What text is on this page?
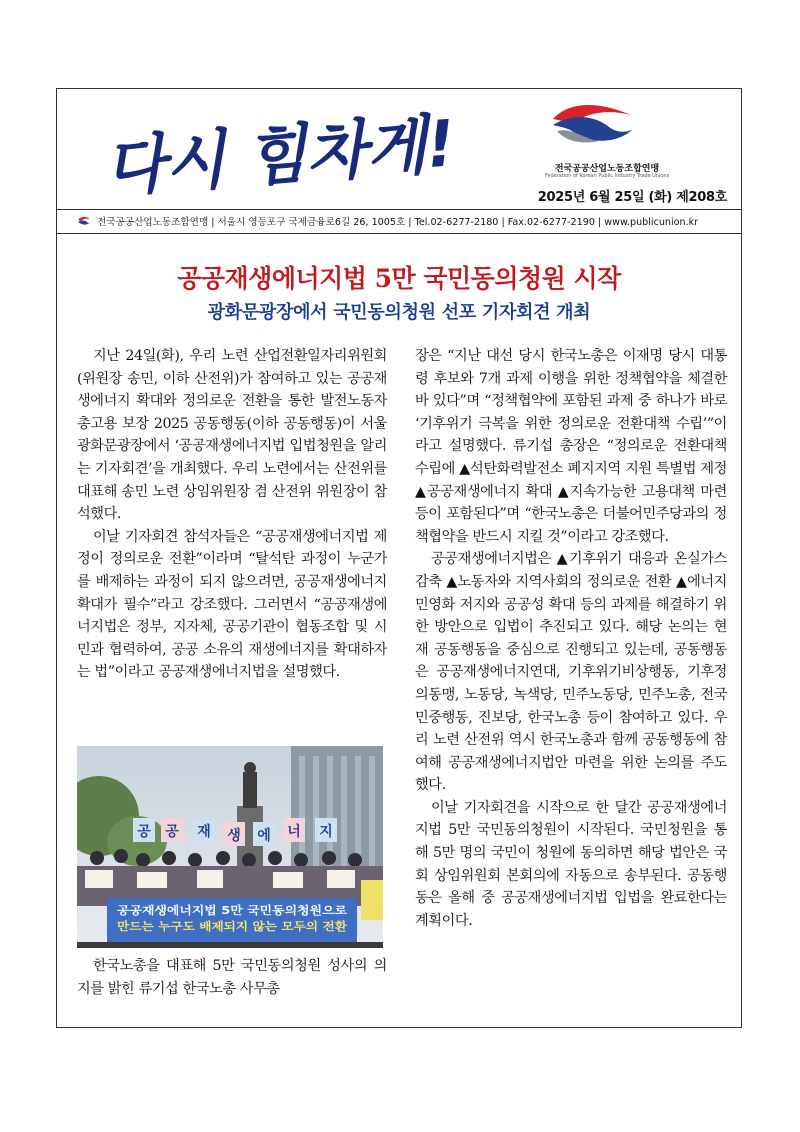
다시 힘차게!	전국공공산업노동조합연맹
Federation of Korean Public Industry Trade Unions
2025년 6월 25일 (화) 제208호
전국공공산업노동조합연맹 | 서울시 영등포구 국제금융로6길 26, 1005호 | Tel.02-6277-2180 | Fax.02-6277-2190 | www.publicunion.kr
공공재생에너지법 5만 국민동의청원 시작
광화문광장에서 국민동의청원 선포 기자회견 개최

지난 24일(화), 우리 노련 산업전환일자리위원회(위원장 송민, 이하 산전위)가 참여하고 있는 공공재생에너지 확대와 정의로운 전환을 통한 발전노동자 총고용 보장 2025 공동행동(이하 공동행동)이 서울 광화문광장에서 ‘공공재생에너지법 입법청원을 알리는 기자회견’을 개최했다. 우리 노련에서는 산전위를 대표해 송민 노련 상임위원장 겸 산전위 위원장이 참석했다.

이날 기자회견 참석자들은 “공공재생에너지법 제정이 정의로운 전환”이라며 “탈석탄 과정이 누군가를 배제하는 과정이 되지 않으려면, 공공재생에너지 확대가 필수”라고 강조했다. 그러면서 “공공재생에너지법은 정부, 지자체, 공공기관이 협동조합 및 시민과 협력하여, 공공 소유의 재생에너지를 확대하자는 법”이라고 공공재생에너지법을 설명했다.

공 공 재 생 에 너 지
공공재생에너지법 5만 국민동의청원으로
만드는 누구도 배제되지 않는 모두의 전환
한국노총을 대표해 5만 국민동의청원 성사의 의지를 밝힌 류기섭 한국노총 사무총

장은 “지난 대선 당시 한국노총은 이재명 당시 대통령 후보와 7개 과제 이행을 위한 정책협약을 체결한 바 있다”며 “정책협약에 포함된 과제 중 하나가 바로 ‘기후위기 극복을 위한 정의로운 전환대책 수립’”이라고 설명했다. 류기섭 총장은 “정의로운 전환대책 수립에 ▲석탄화력발전소 폐지지역 지원 특별법 제정 ▲공공재생에너지 확대 ▲지속가능한 고용대책 마련 등이 포함된다”며 “한국노총은 더불어민주당과의 정책협약을 반드시 지킬 것”이라고 강조했다.

공공재생에너지법은 ▲기후위기 대응과 온실가스 감축 ▲노동자와 지역사회의 정의로운 전환 ▲에너지 민영화 저지와 공공성 확대 등의 과제를 해결하기 위한 방안으로 입법이 추진되고 있다. 해당 논의는 현재 공동행동을 중심으로 진행되고 있는데, 공동행동은 공공재생에너지연대, 기후위기비상행동, 기후정의동맹, 노동당, 녹색당, 민주노동당, 민주노총, 전국민중행동, 진보당, 한국노총 등이 참여하고 있다. 우리 노련 산전위 역시 한국노총과 함께 공동행동에 참여해 공공재생에너지법안 마련을 위한 논의를 주도했다.

이날 기자회견을 시작으로 한 달간 공공재생에너지법 5만 국민동의청원이 시작된다. 국민청원을 통해 5만 명의 국민이 청원에 동의하면 해당 법안은 국회 상임위원회 본회의에 자동으로 송부된다. 공동행동은 올해 중 공공재생에너지법 입법을 완료한다는 계획이다.
